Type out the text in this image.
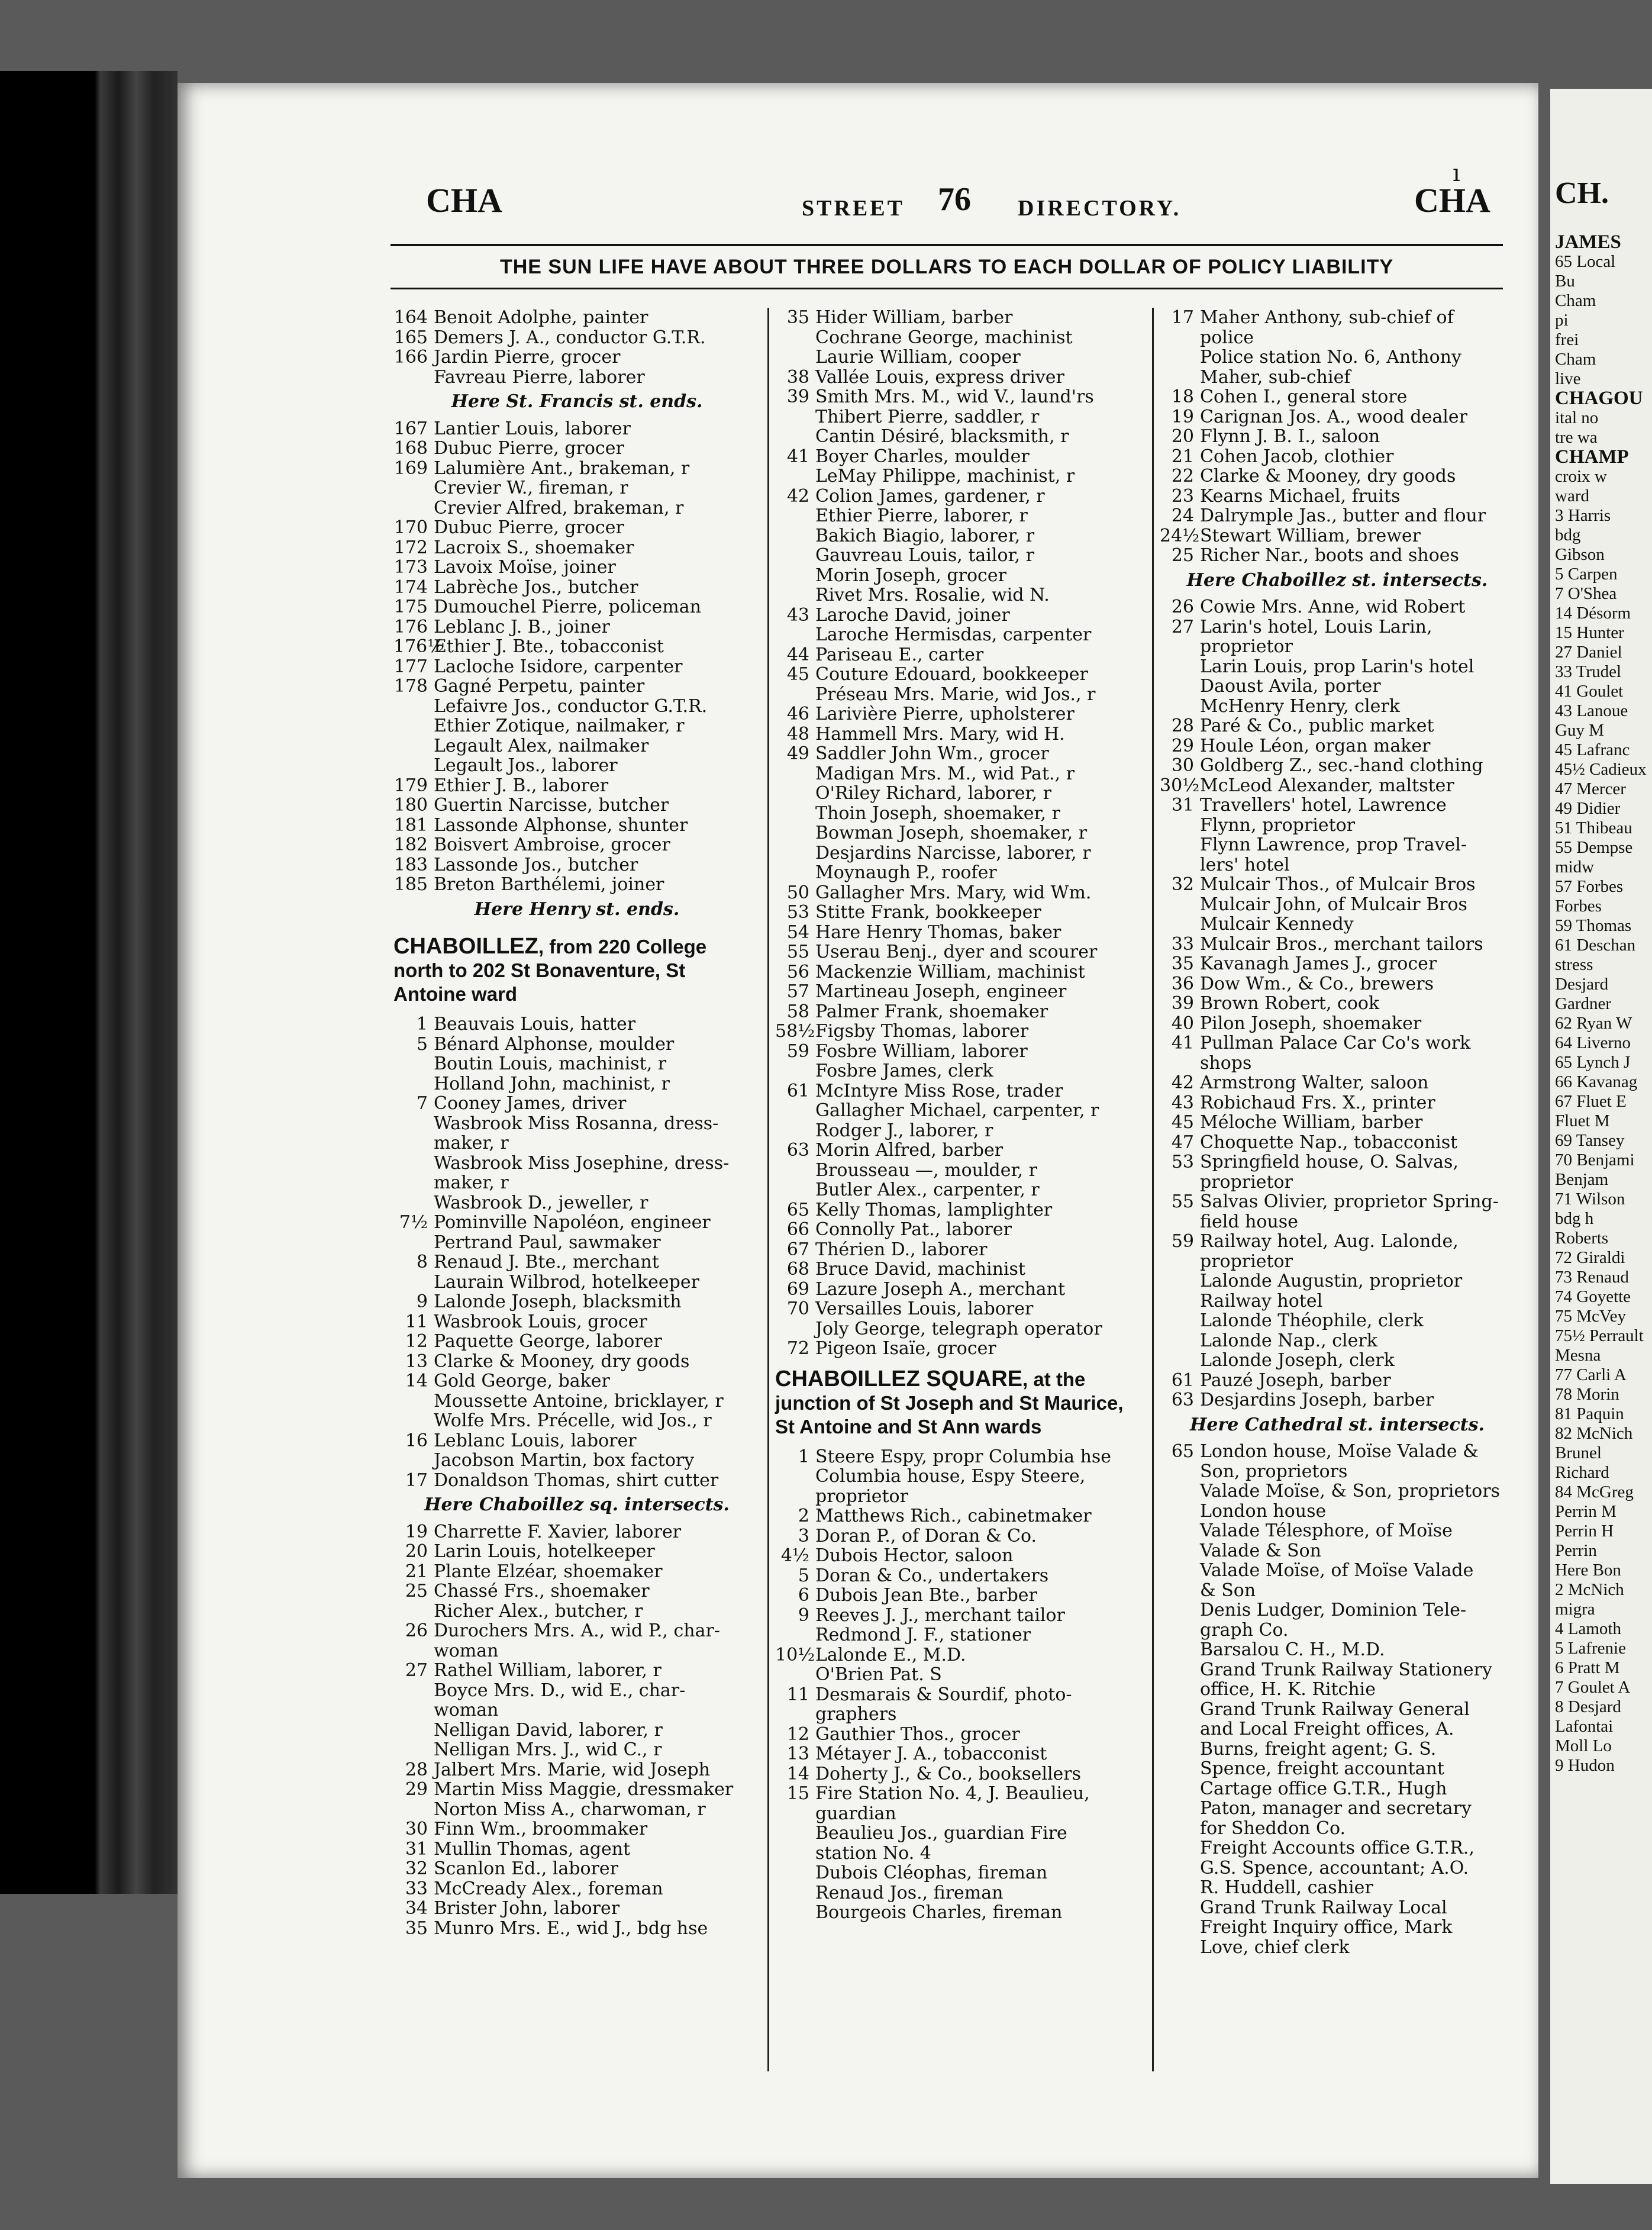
CH.
JAMES
65 Local
Bu
Cham
pi
frei
Cham
live
CHAGOU
ital no
tre wa
CHAMP
croix w
ward
3 Harris
bdg
Gibson
5 Carpen
7 O'Shea
14 Désorm
15 Hunter
27 Daniel
33 Trudel
41 Goulet
43 Lanoue
Guy M
45 Lafranc
45½ Cadieux
47 Mercer
49 Didier
51 Thibeau
55 Dempse
midw
57 Forbes
Forbes
59 Thomas
61 Deschan
stress
Desjard
Gardner
62 Ryan W
64 Liverno
65 Lynch J
66 Kavanag
67 Fluet E
Fluet M
69 Tansey
70 Benjami
Benjam
71 Wilson
bdg h
Roberts
72 Giraldi
73 Renaud
74 Goyette
75 McVey
75½ Perrault
Mesna
77 Carli A
78 Morin
81 Paquin
82 McNich
Brunel
Richard
84 McGreg
Perrin M
Perrin H
Perrin
Here Bon
2 McNich
migra
4 Lamoth
5 Lafrenie
6 Pratt M
7 Goulet A
8 Desjard
Lafontai
Moll Lo
9 Hudon
ı
CHA	STREET 76 DIRECTORY.	CHA
THE SUN LIFE HAVE ABOUT THREE DOLLARS TO EACH DOLLAR OF POLICY LIABILITY
164 Benoit Adolphe, painter
165 Demers J. A., conductor G.T.R.
166 Jardin Pierre, grocer
Favreau Pierre, laborer
Here St. Francis st. ends.
167 Lantier Louis, laborer
168 Dubuc Pierre, grocer
169 Lalumière Ant., brakeman, r
Crevier W., fireman, r
Crevier Alfred, brakeman, r
170 Dubuc Pierre, grocer
172 Lacroix S., shoemaker
173 Lavoix Moïse, joiner
174 Labrèche Jos., butcher
175 Dumouchel Pierre, policeman
176 Leblanc J. B., joiner
176½Ethier J. Bte., tobacconist
177 Lacloche Isidore, carpenter
178 Gagné Perpetu, painter
Lefaivre Jos., conductor G.T.R.
Ethier Zotique, nailmaker, r
Legault Alex, nailmaker
Legault Jos., laborer
179 Ethier J. B., laborer
180 Guertin Narcisse, butcher
181 Lassonde Alphonse, shunter
182 Boisvert Ambroise, grocer
183 Lassonde Jos., butcher
185 Breton Barthélemi, joiner
Here Henry st. ends.
CHABOILLEZ, from 220 College north to 202 St Bonaventure, St Antoine ward
1 Beauvais Louis, hatter
5 Bénard Alphonse, moulder
Boutin Louis, machinist, r
Holland John, machinist, r
7 Cooney James, driver
Wasbrook Miss Rosanna, dress-
maker, r
Wasbrook Miss Josephine, dress-
maker, r
Wasbrook D., jeweller, r
7½ Pominville Napoléon, engineer
Pertrand Paul, sawmaker
8 Renaud J. Bte., merchant
Laurain Wilbrod, hotelkeeper
9 Lalonde Joseph, blacksmith
11 Wasbrook Louis, grocer
12 Paquette George, laborer
13 Clarke & Mooney, dry goods
14 Gold George, baker
Moussette Antoine, bricklayer, r
Wolfe Mrs. Précelle, wid Jos., r
16 Leblanc Louis, laborer
Jacobson Martin, box factory
17 Donaldson Thomas, shirt cutter
Here Chaboillez sq. intersects.
19 Charrette F. Xavier, laborer
20 Larin Louis, hotelkeeper
21 Plante Elzéar, shoemaker
25 Chassé Frs., shoemaker
Richer Alex., butcher, r
26 Durochers Mrs. A., wid P., char-
woman
27 Rathel William, laborer, r
Boyce Mrs. D., wid E., char-
woman
Nelligan David, laborer, r
Nelligan Mrs. J., wid C., r
28 Jalbert Mrs. Marie, wid Joseph
29 Martin Miss Maggie, dressmaker
Norton Miss A., charwoman, r
30 Finn Wm., broommaker
31 Mullin Thomas, agent
32 Scanlon Ed., laborer
33 McCready Alex., foreman
34 Brister John, laborer
35 Munro Mrs. E., wid J., bdg hse
35 Hider William, barber
Cochrane George, machinist
Laurie William, cooper
38 Vallée Louis, express driver
39 Smith Mrs. M., wid V., laund'rs
Thibert Pierre, saddler, r
Cantin Désiré, blacksmith, r
41 Boyer Charles, moulder
LeMay Philippe, machinist, r
42 Colion James, gardener, r
Ethier Pierre, laborer, r
Bakich Biagio, laborer, r
Gauvreau Louis, tailor, r
Morin Joseph, grocer
Rivet Mrs. Rosalie, wid N.
43 Laroche David, joiner
Laroche Hermisdas, carpenter
44 Pariseau E., carter
45 Couture Edouard, bookkeeper
Préseau Mrs. Marie, wid Jos., r
46 Larivière Pierre, upholsterer
48 Hammell Mrs. Mary, wid H.
49 Saddler John Wm., grocer
Madigan Mrs. M., wid Pat., r
O'Riley Richard, laborer, r
Thoin Joseph, shoemaker, r
Bowman Joseph, shoemaker, r
Desjardins Narcisse, laborer, r
Moynaugh P., roofer
50 Gallagher Mrs. Mary, wid Wm.
53 Stitte Frank, bookkeeper
54 Hare Henry Thomas, baker
55 Userau Benj., dyer and scourer
56 Mackenzie William, machinist
57 Martineau Joseph, engineer
58 Palmer Frank, shoemaker
58½Figsby Thomas, laborer
59 Fosbre William, laborer
Fosbre James, clerk
61 McIntyre Miss Rose, trader
Gallagher Michael, carpenter, r
Rodger J., laborer, r
63 Morin Alfred, barber
Brousseau —, moulder, r
Butler Alex., carpenter, r
65 Kelly Thomas, lamplighter
66 Connolly Pat., laborer
67 Thérien D., laborer
68 Bruce David, machinist
69 Lazure Joseph A., merchant
70 Versailles Louis, laborer
Joly George, telegraph operator
72 Pigeon Isaïe, grocer
CHABOILLEZ SQUARE, at the junction of St Joseph and St Maurice, St Antoine and St Ann wards
1 Steere Espy, propr Columbia hse
Columbia house, Espy Steere,
proprietor
2 Matthews Rich., cabinetmaker
3 Doran P., of Doran & Co.
4½ Dubois Hector, saloon
5 Doran & Co., undertakers
6 Dubois Jean Bte., barber
9 Reeves J. J., merchant tailor
Redmond J. F., stationer
10½Lalonde E., M.D.
O'Brien Pat. S
11 Desmarais & Sourdif, photo-
graphers
12 Gauthier Thos., grocer
13 Métayer J. A., tobacconist
14 Doherty J., & Co., booksellers
15 Fire Station No. 4, J. Beaulieu,
guardian
Beaulieu Jos., guardian Fire
station No. 4
Dubois Cléophas, fireman
Renaud Jos., fireman
Bourgeois Charles, fireman
17 Maher Anthony, sub-chief of
police
Police station No. 6, Anthony
Maher, sub-chief
18 Cohen I., general store
19 Carignan Jos. A., wood dealer
20 Flynn J. B. I., saloon
21 Cohen Jacob, clothier
22 Clarke & Mooney, dry goods
23 Kearns Michael, fruits
24 Dalrymple Jas., butter and flour
24½Stewart William, brewer
25 Richer Nar., boots and shoes
Here Chaboillez st. intersects.
26 Cowie Mrs. Anne, wid Robert
27 Larin's hotel, Louis Larin,
proprietor
Larin Louis, prop Larin's hotel
Daoust Avila, porter
McHenry Henry, clerk
28 Paré & Co., public market
29 Houle Léon, organ maker
30 Goldberg Z., sec.-hand clothing
30½McLeod Alexander, maltster
31 Travellers' hotel, Lawrence
Flynn, proprietor
Flynn Lawrence, prop Travel-
lers' hotel
32 Mulcair Thos., of Mulcair Bros
Mulcair John, of Mulcair Bros
Mulcair Kennedy
33 Mulcair Bros., merchant tailors
35 Kavanagh James J., grocer
36 Dow Wm., & Co., brewers
39 Brown Robert, cook
40 Pilon Joseph, shoemaker
41 Pullman Palace Car Co's work
shops
42 Armstrong Walter, saloon
43 Robichaud Frs. X., printer
45 Méloche William, barber
47 Choquette Nap., tobacconist
53 Springfield house, O. Salvas,
proprietor
55 Salvas Olivier, proprietor Spring-
field house
59 Railway hotel, Aug. Lalonde,
proprietor
Lalonde Augustin, proprietor
Railway hotel
Lalonde Théophile, clerk
Lalonde Nap., clerk
Lalonde Joseph, clerk
61 Pauzé Joseph, barber
63 Desjardins Joseph, barber
Here Cathedral st. intersects.
65 London house, Moïse Valade &
Son, proprietors
Valade Moïse, & Son, proprietors
London house
Valade Télesphore, of Moïse
Valade & Son
Valade Moïse, of Moïse Valade
& Son
Denis Ludger, Dominion Tele-
graph Co.
Barsalou C. H., M.D.
Grand Trunk Railway Stationery
office, H. K. Ritchie
Grand Trunk Railway General
and Local Freight offices, A.
Burns, freight agent; G. S.
Spence, freight accountant
Cartage office G.T.R., Hugh
Paton, manager and secretary
for Sheddon Co.
Freight Accounts office G.T.R.,
G.S. Spence, accountant; A.O.
R. Huddell, cashier
Grand Trunk Railway Local
Freight Inquiry office, Mark
Love, chief clerk
